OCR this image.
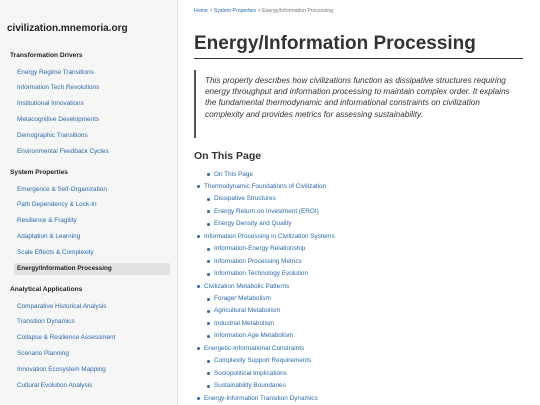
civilization.mnemoria.org
Transformation Drivers
Energy Regime Transitions
Information Tech Revolutions
Institutional Innovations
Metacognitive Developments
Demographic Transitions
Environmental Feedback Cycles
System Properties
Emergence & Self-Organization
Path Dependency & Lock-In
Resilience & Fragility
Adaptation & Learning
Scale Effects & Complexity
Energy/Information Processing
Analytical Applications
Comparative Historical Analysis
Transition Dynamics
Collapse & Resilience Assessment
Scenario Planning
Innovation Ecosystem Mapping
Cultural Evolution Analysis
Home > System Properties > Energy/Information Processing
Energy/Information Processing
This property describes how civilizations function as dissipative structures requiring energy throughput and information processing to maintain complex order. It explains the fundamental thermodynamic and informational constraints on civilization complexity and provides metrics for assessing sustainability.
On This Page
On This Page
Thermodynamic Foundations of Civilization
Dissipative Structures
Energy Return on Investment (EROI)
Energy Density and Quality
Information Processing in Civilization Systems
Information-Energy Relationship
Information Processing Metrics
Information Technology Evolution
Civilization Metabolic Patterns
Forager Metabolism
Agricultural Metabolism
Industrial Metabolism
Information Age Metabolism
Energetic-Informational Constraints
Complexity Support Requirements
Sociopolitical Implications
Sustainability Boundaries
Energy-Information Transition Dynamics
